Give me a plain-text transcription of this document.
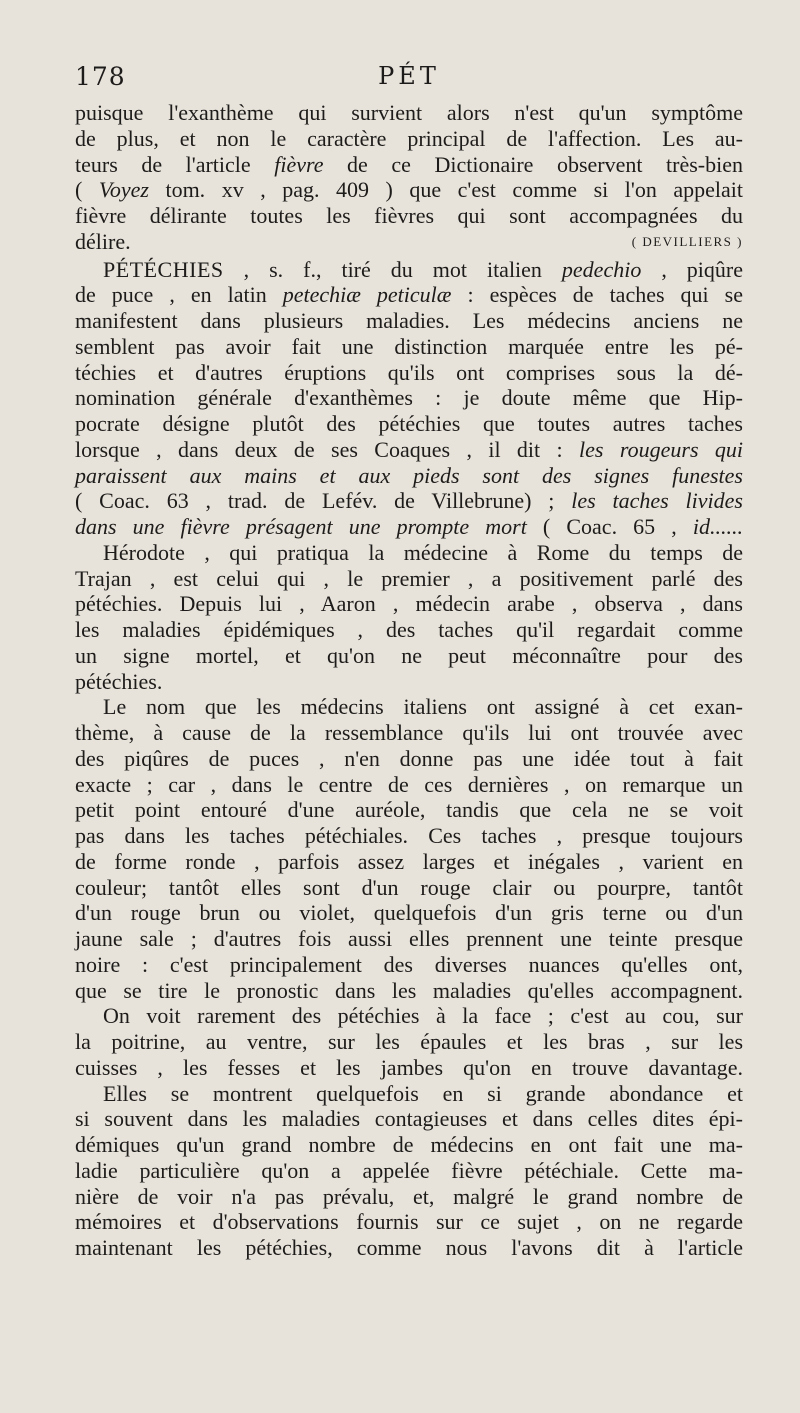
178	PÉT

puisque l'exanthème qui survient alors n'est qu'un symptôme
de plus, et non le caractère principal de l'affection. Les au-
teurs de l'article fièvre de ce Dictionaire observent très-bien
( Voyez tom. xv , pag. 409 ) que c'est comme si l'on appelait
fièvre délirante toutes les fièvres qui sont accompagnées du

délire.	( DEVILLIERS )

PÉTÉCHIES , s. f., tiré du mot italien pedechio , piqûre
de puce , en latin petechiæ peticulæ : espèces de taches qui se
manifestent dans plusieurs maladies. Les médecins anciens ne
semblent pas avoir fait une distinction marquée entre les pé-
téchies et d'autres éruptions qu'ils ont comprises sous la dé-
nomination générale d'exanthèmes : je doute même que Hip-
pocrate désigne plutôt des pétéchies que toutes autres taches
lorsque , dans deux de ses Coaques , il dit : les rougeurs qui
paraissent aux mains et aux pieds sont des signes funestes
( Coac. 63 , trad. de Lefév. de Villebrune) ; les taches livides
dans une fièvre présagent une prompte mort ( Coac. 65 , id......

Hérodote , qui pratiqua la médecine à Rome du temps de
Trajan , est celui qui , le premier , a positivement parlé des
pétéchies. Depuis lui , Aaron , médecin arabe , observa , dans
les maladies épidémiques , des taches qu'il regardait comme
un signe mortel, et qu'on ne peut méconnaître pour des

pétéchies.

Le nom que les médecins italiens ont assigné à cet exan-
thème, à cause de la ressemblance qu'ils lui ont trouvée avec
des piqûres de puces , n'en donne pas une idée tout à fait
exacte ; car , dans le centre de ces dernières , on remarque un
petit point entouré d'une auréole, tandis que cela ne se voit
pas dans les taches pétéchiales. Ces taches , presque toujours
de forme ronde , parfois assez larges et inégales , varient en
couleur; tantôt elles sont d'un rouge clair ou pourpre, tantôt
d'un rouge brun ou violet, quelquefois d'un gris terne ou d'un
jaune sale ; d'autres fois aussi elles prennent une teinte presque
noire : c'est principalement des diverses nuances qu'elles ont,
que se tire le pronostic dans les maladies qu'elles accompagnent.

On voit rarement des pétéchies à la face ; c'est au cou, sur
la poitrine, au ventre, sur les épaules et les bras , sur les
cuisses , les fesses et les jambes qu'on en trouve davantage.

Elles se montrent quelquefois en si grande abondance et
si souvent dans les maladies contagieuses et dans celles dites épi-
démiques qu'un grand nombre de médecins en ont fait une ma-
ladie particulière qu'on a appelée fièvre pétéchiale. Cette ma-
nière de voir n'a pas prévalu, et, malgré le grand nombre de
mémoires et d'observations fournis sur ce sujet , on ne regarde
maintenant les pétéchies, comme nous l'avons dit à l'article
